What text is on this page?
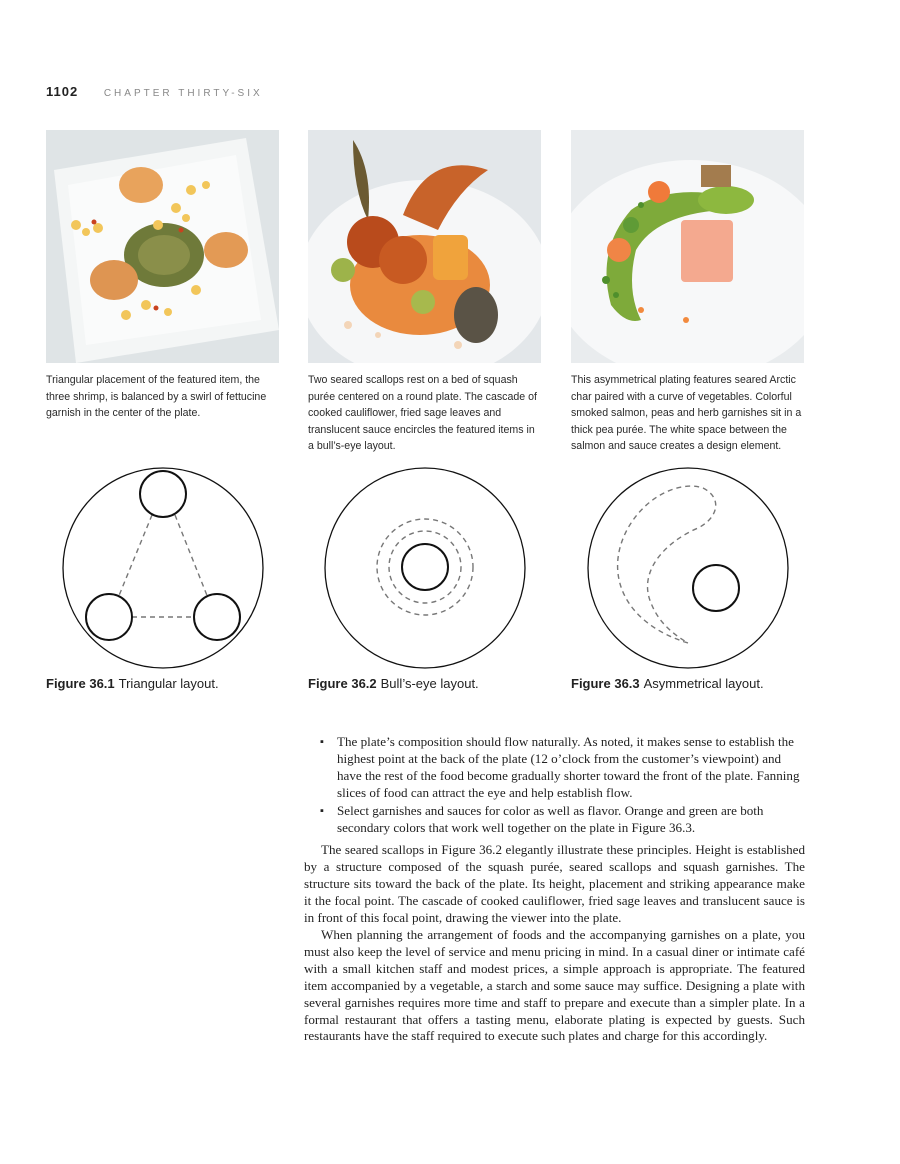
1102	CHAPTER THIRTY-SIX
Triangular placement of the featured item, the three shrimp, is balanced by a swirl of fettucine garnish in the center of the plate.
Two seared scallops rest on a bed of squash purée centered on a round plate. The cascade of cooked cauliflower, fried sage leaves and translucent sauce encircles the featured items in a bull’s-eye layout.
This asymmetrical plating features seared Arctic char paired with a curve of vegetables. Colorful smoked salmon, peas and herb garnishes sit in a thick pea purée. The white space between the salmon and sauce creates a design element.
Figure 36.1 Triangular layout.	Figure 36.2 Bull’s-eye layout.	Figure 36.3 Asymmetrical layout.
▪ The plate’s composition should flow naturally. As noted, it makes sense to establish the highest point at the back of the plate (12 o’clock from the customer’s viewpoint) and have the rest of the food become gradually shorter toward the front of the plate. Fanning slices of food can attract the eye and help establish flow.
▪ Select garnishes and sauces for color as well as flavor. Orange and green are both secondary colors that work well together on the plate in Figure 36.3.

The seared scallops in Figure 36.2 elegantly illustrate these principles. Height is established by a structure composed of the squash purée, seared scallops and squash garnishes. The structure sits toward the back of the plate. Its height, placement and striking appearance make it the focal point. The cascade of cooked cauliflower, fried sage leaves and translucent sauce is in front of this focal point, drawing the viewer into the plate.

When planning the arrangement of foods and the accompanying garnishes on a plate, you must also keep the level of service and menu pricing in mind. In a casual diner or intimate café with a small kitchen staff and modest prices, a simple approach is appropriate. The featured item accompanied by a vegetable, a starch and some sauce may suffice. Designing a plate with several garnishes requires more time and staff to prepare and execute than a simpler plate. In a formal restaurant that offers a tasting menu, elaborate plating is expected by guests. Such restaurants have the staff required to execute such plates and charge for this accordingly.
